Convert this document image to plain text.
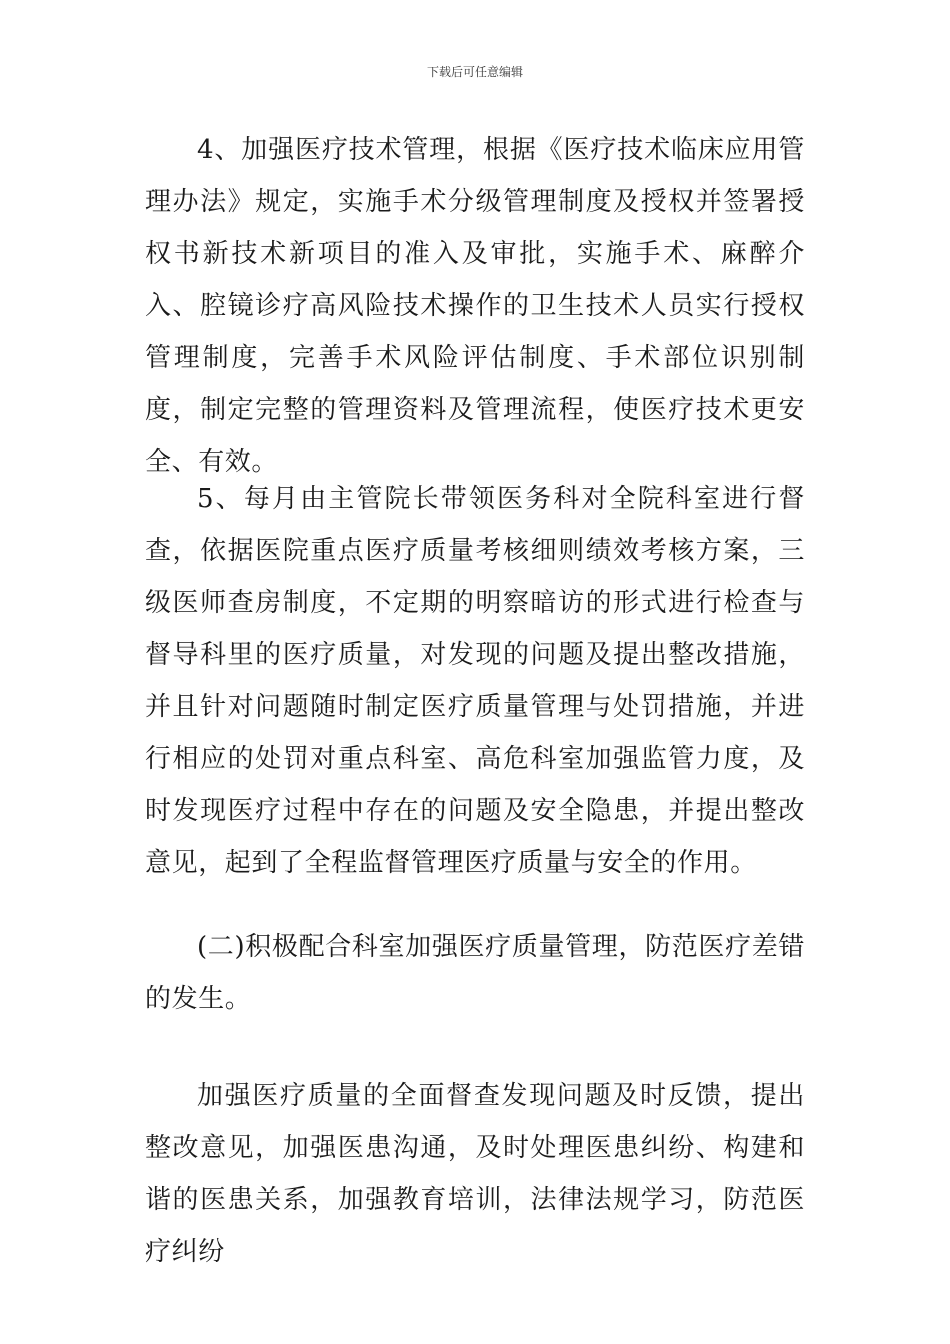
下载后可任意编辑

4、加强医疗技术管理，根据《医疗技术临床应用管理办法》规定，实施手术分级管理制度及授权并签署授权书新技术新项目的准入及审批，实施手术、麻醉介入、腔镜诊疗高风险技术操作的卫生技术人员实行授权管理制度，完善手术风险评估制度、手术部位识别制度，制定完整的管理资料及管理流程，使医疗技术更安全、有效。

5、每月由主管院长带领医务科对全院科室进行督查，依据医院重点医疗质量考核细则绩效考核方案，三级医师查房制度，不定期的明察暗访的形式进行检查与督导科里的医疗质量，对发现的问题及提出整改措施，并且针对问题随时制定医疗质量管理与处罚措施，并进行相应的处罚对重点科室、高危科室加强监管力度，及时发现医疗过程中存在的问题及安全隐患，并提出整改意见，起到了全程监督管理医疗质量与安全的作用。

(二)积极配合科室加强医疗质量管理，防范医疗差错的发生。

加强医疗质量的全面督查发现问题及时反馈，提出整改意见，加强医患沟通，及时处理医患纠纷、构建和谐的医患关系，加强教育培训，法律法规学习，防范医疗纠纷
